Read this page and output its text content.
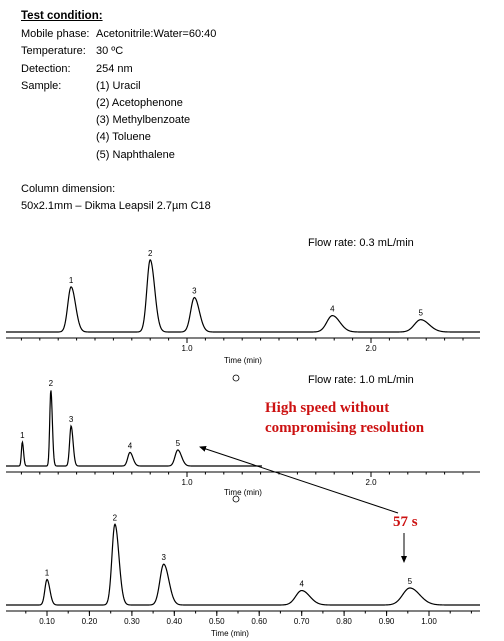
Test condition:
Mobile phase: Acetonitrile:Water=60:40
Temperature: 30 ºC
Detection: 254 nm
Sample:	(1) Uracil
(2) Acetophenone
(3) Methylbenzoate
(4) Toluene
(5) Naphthalene
Column dimension:
50x2.1mm – Dikma Leapsil 2.7µm C18
Flow rate: 0.3 mL/min
1
2
3
4	5
1.0	2.0
Time (min)
Flow rate: 1.0 mL/min
1
2
3
4	5
1.0	2.0
Time (min)
1
2
3
4	5
0.10	0.20	0.30	0.40	0.50	0.60	0.70	0.80	0.90	1.00
Time (min)
High speed without
compromising resolution
57 s
